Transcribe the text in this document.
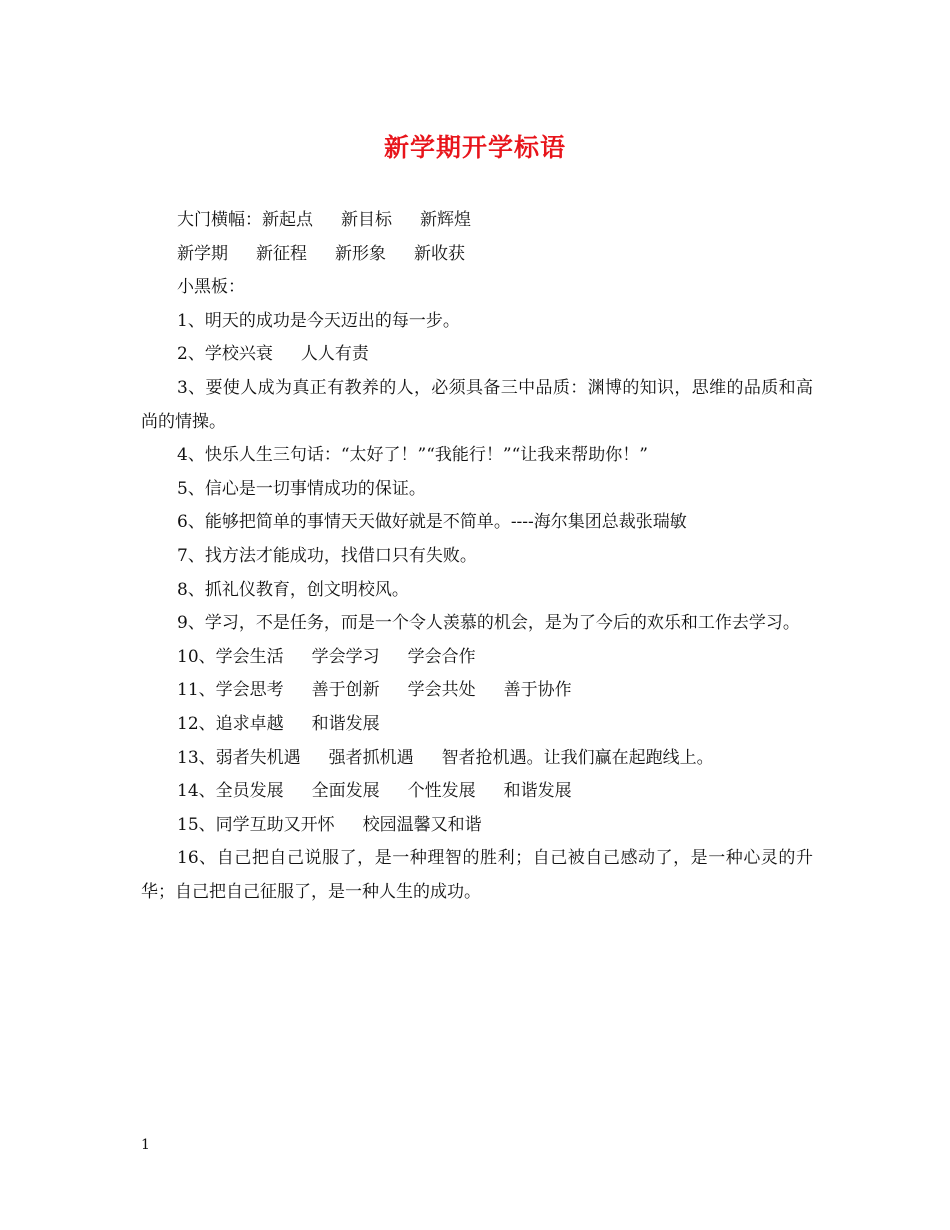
新学期开学标语
大门横幅：新起点 新目标 新辉煌
新学期 新征程 新形象 新收获
小黑板：
1、明天的成功是今天迈出的每一步。
2、学校兴衰 人人有责
3、要使人成为真正有教养的人，必须具备三中品质：渊博的知识，思维的品质和高尚的情操。
4、快乐人生三句话：“太好了！”“我能行！”“让我来帮助你！”
5、信心是一切事情成功的保证。
6、能够把简单的事情天天做好就是不简单。----海尔集团总裁张瑞敏
7、找方法才能成功，找借口只有失败。
8、抓礼仪教育，创文明校风。
9、学习，不是任务，而是一个令人羡慕的机会，是为了今后的欢乐和工作去学习。
10、学会生活 学会学习 学会合作
11、学会思考 善于创新 学会共处 善于协作
12、追求卓越 和谐发展
13、弱者失机遇 强者抓机遇 智者抢机遇。让我们赢在起跑线上。
14、全员发展 全面发展 个性发展 和谐发展
15、同学互助又开怀 校园温馨又和谐
16、自己把自己说服了，是一种理智的胜利；自己被自己感动了，是一种心灵的升华；自己把自己征服了，是一种人生的成功。
1
